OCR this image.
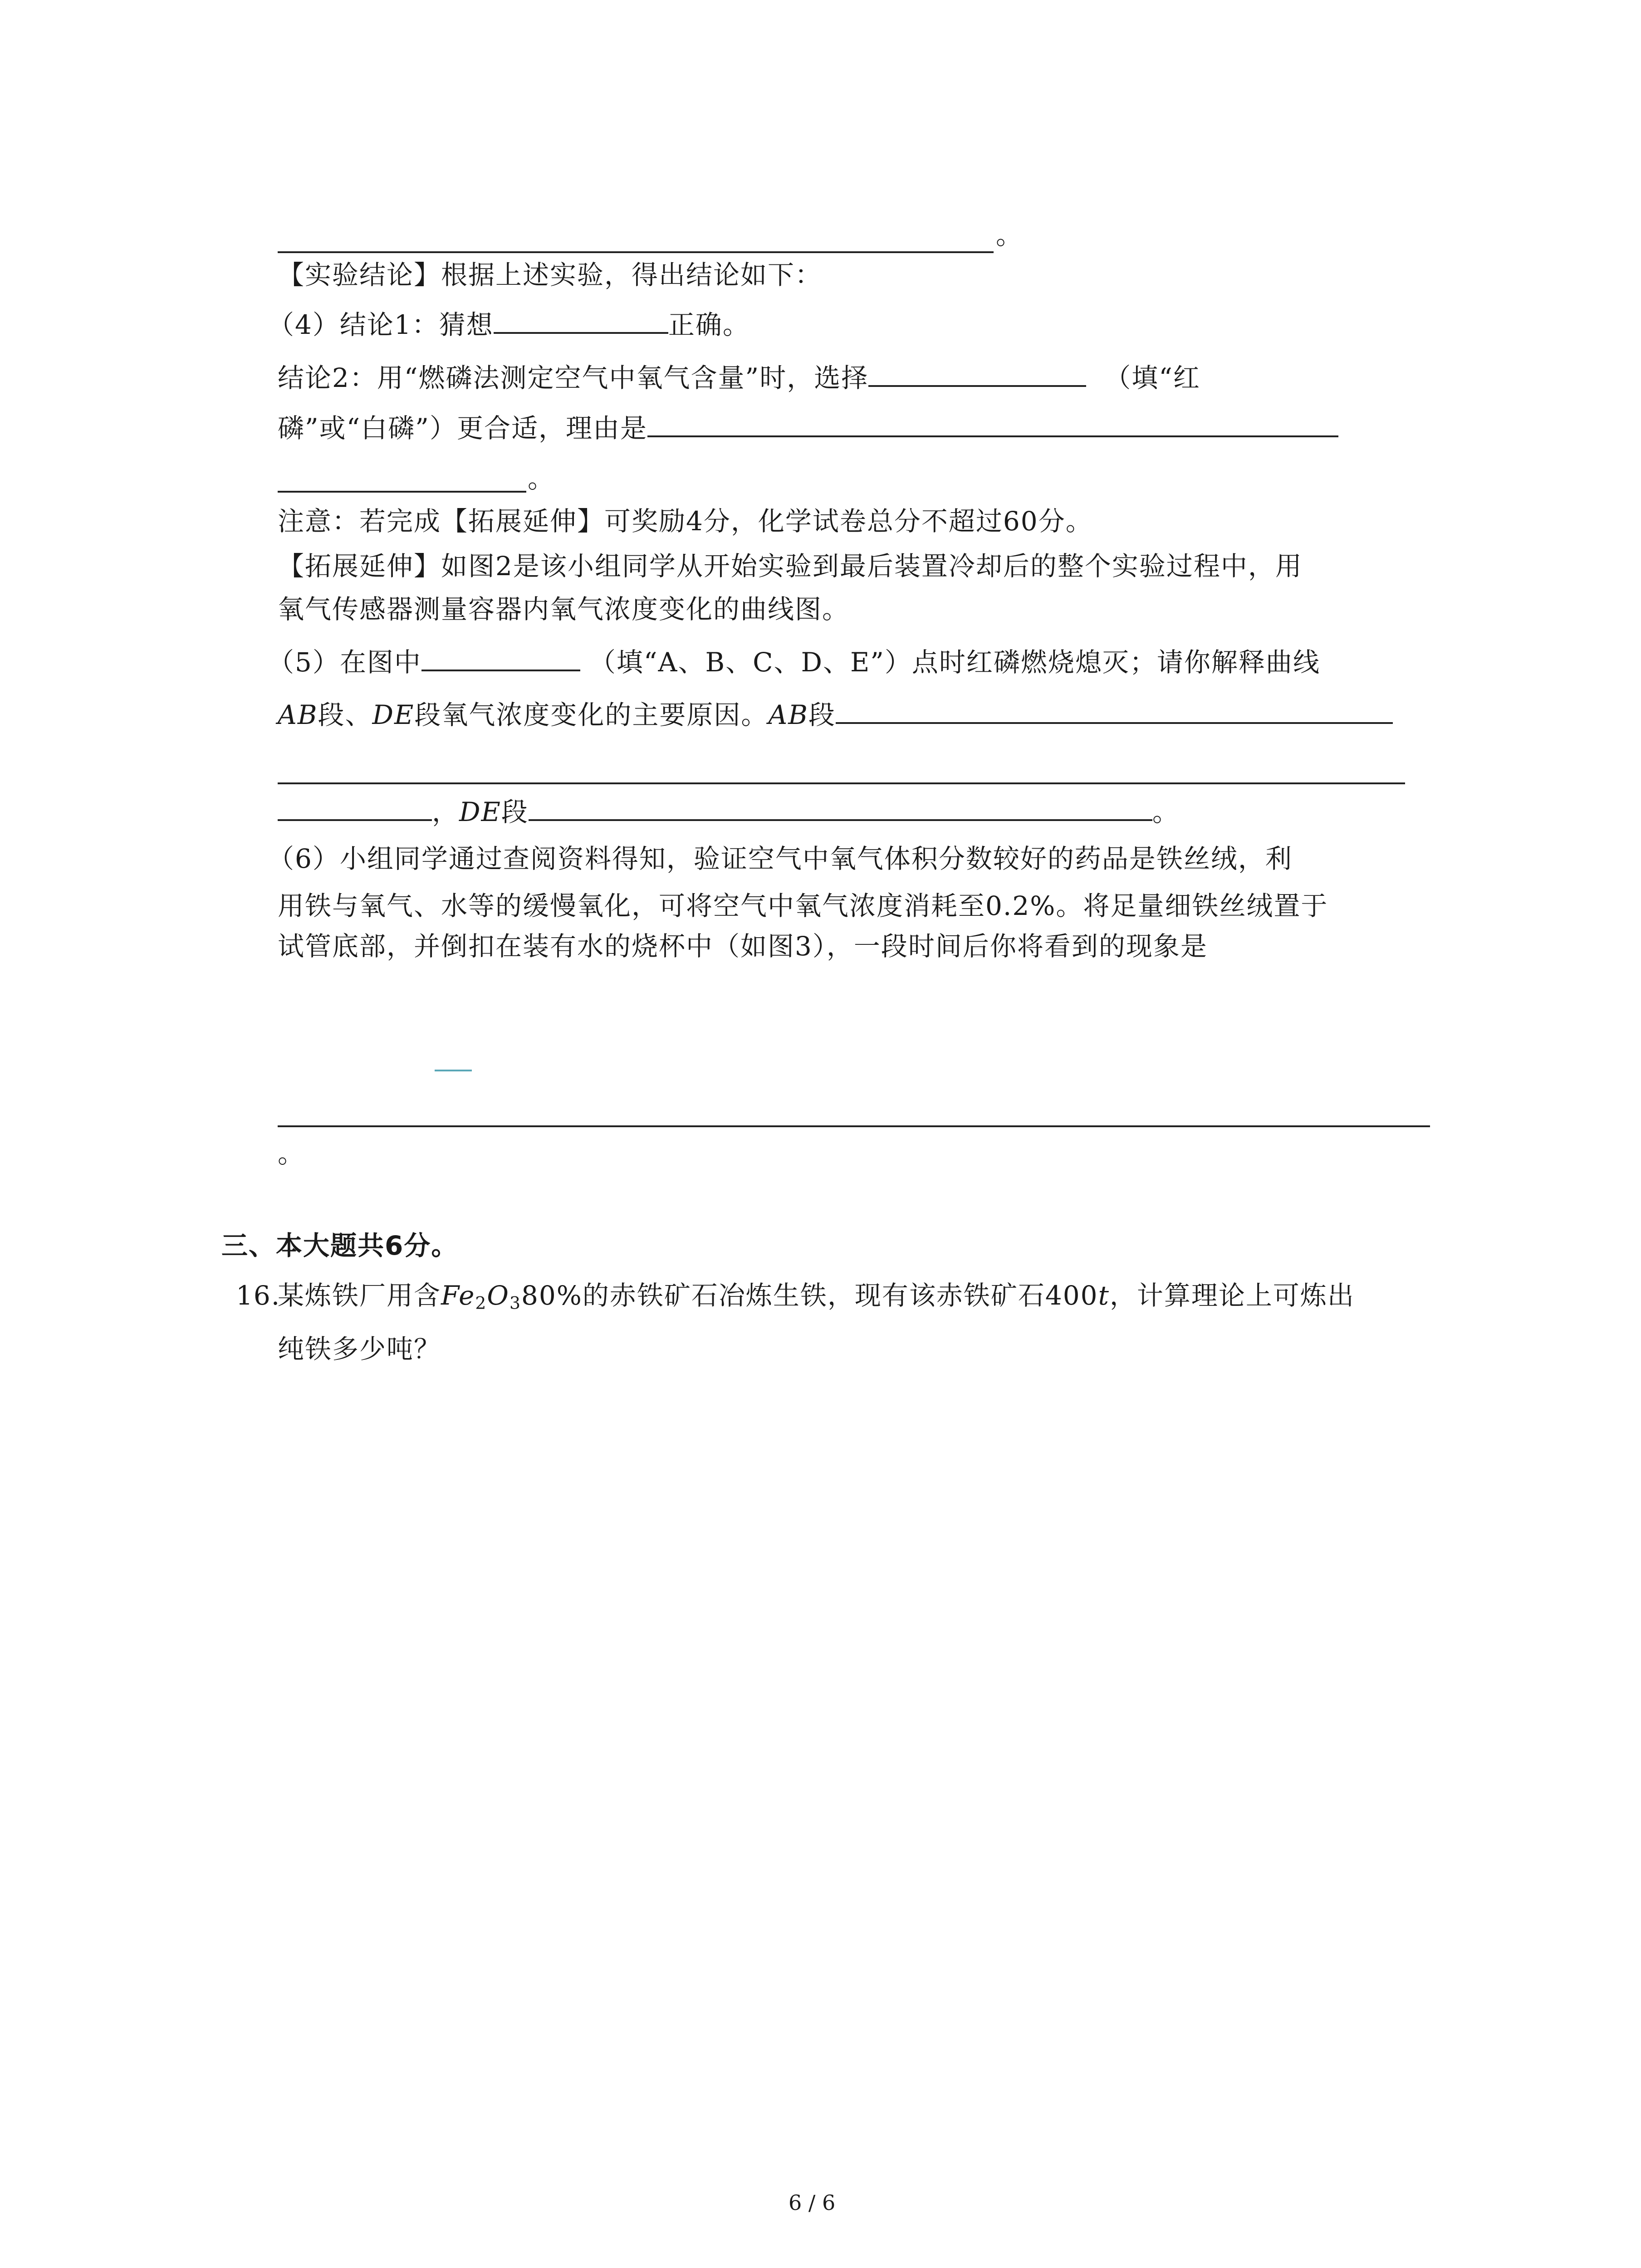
。
【实验结论】根据上述实验，得出结论如下：
（4）结论1：猜想	正确。
结论2：用“燃磷法测定空气中氧气含量”时，选择	（填“红
磷”或“白磷”）更合适，理由是
。
注意：若完成【拓展延伸】可奖励4分，化学试卷总分不超过60分。
【拓展延伸】如图2是该小组同学从开始实验到最后装置冷却后的整个实验过程中，用
氧气传感器测量容器内氧气浓度变化的曲线图。
（5）在图中	（填“A、B、C、D、E”）点时红磷燃烧熄灭；请你解释曲线
AB段、DE段氧气浓度变化的主要原因。AB段
，DE段	。
（6）小组同学通过查阅资料得知，验证空气中氧气体积分数较好的药品是铁丝绒，利
用铁与氧气、水等的缓慢氧化，可将空气中氧气浓度消耗至0.2%。将足量细铁丝绒置于
试管底部，并倒扣在装有水的烧杯中（如图3），一段时间后你将看到的现象是
。
三、本大题共6分。
16.
某炼铁厂用含$Fe_2O_380\%$的赤铁矿石冶炼生铁，现有该赤铁矿石400t，计算理论上可炼出
纯铁多少吨？
6 / 6
